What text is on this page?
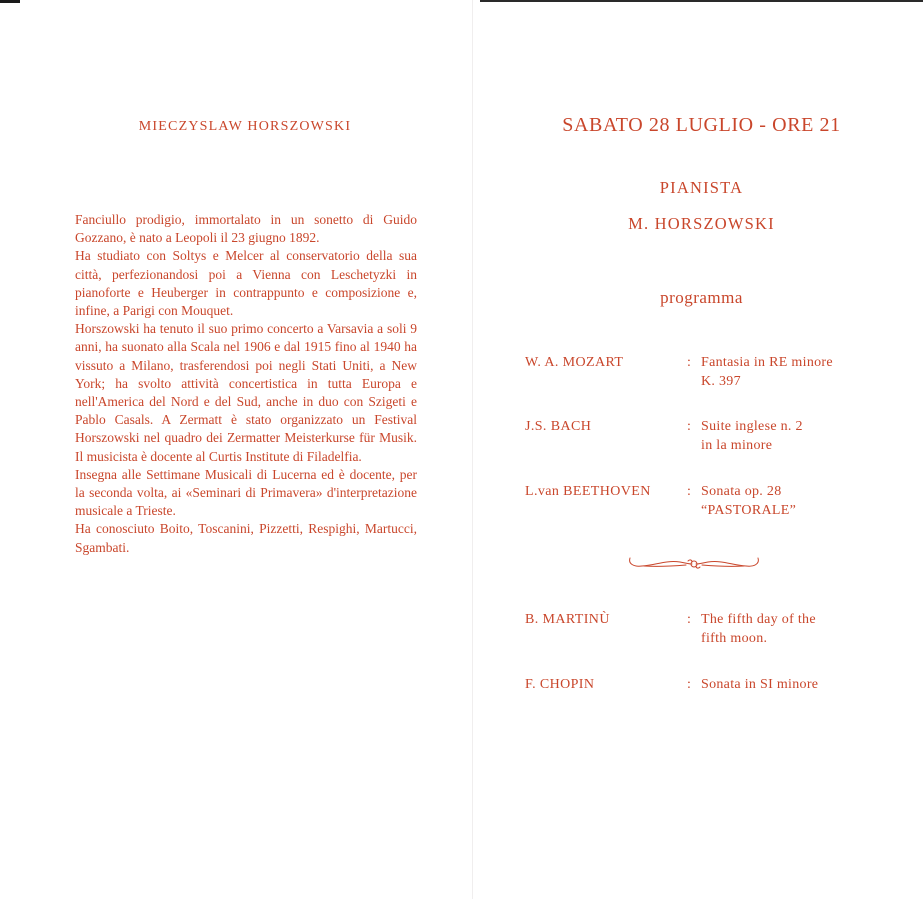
MIECZYSLAW HORSZOWSKI

Fanciullo prodigio, immortalato in un sonetto di Guido Gozzano, è nato a Leopoli il 23 giugno 1892.

Ha studiato con Soltys e Melcer al conservatorio della sua città, perfezionandosi poi a Vienna con Leschetyzki in pianoforte e Heuberger in contrappunto e composizione e, infine, a Parigi con Mouquet.

Horszowski ha tenuto il suo primo concerto a Varsavia a soli 9 anni, ha suonato alla Scala nel 1906 e dal 1915 fino al 1940 ha vissuto a Milano, trasferendosi poi negli Stati Uniti, a New York; ha svolto attività concertistica in tutta Europa e nell'America del Nord e del Sud, anche in duo con Szigeti e Pablo Casals. A Zermatt è stato organizzato un Festival Horszowski nel quadro dei Zermatter Meisterkurse für Musik. Il musicista è docente al Curtis Institute di Filadelfia.

Insegna alle Settimane Musicali di Lucerna ed è docente, per la seconda volta, ai «Seminari di Primavera» d'interpretazione musicale a Trieste.

Ha conosciuto Boito, Toscanini, Pizzetti, Respighi, Martucci, Sgambati.

SABATO 28 LUGLIO - ORE 21
PIANISTA
M. HORSZOWSKI
programma
W. A. MOZART	: Fantasia in RE minore
K. 397
J.S. BACH	: Suite inglese n. 2
in la minore
L.van BEETHOVEN	: Sonata op. 28
“PASTORALE”
B. MARTINÙ	: The fifth day of the
fifth moon.
F. CHOPIN	: Sonata in SI minore
